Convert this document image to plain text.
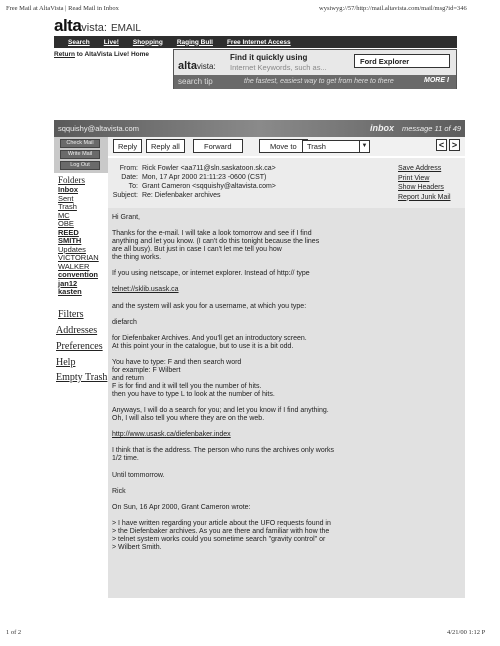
Free Mail at AltaVista | Read Mail in Inbox	wysiwyg://57/http://mail.altavista.com/mail/msg?id=346
alta vista: EMAIL
Search Live! Shopping Raging Bull Free Internet Access
Return to AltaVista Live! Home
alta vista:
Find it quickly using
Internet Keywords, such as...
Ford Explorer
search tip	the fastest, easiest way to get from here to there	MORE I
sqquishy@altavista.com	inbox message 11 of 49
Check Mail
Write Mail
Log Out
Reply	Reply all	Forward	Move to	Trash	▼	< >
Folders
Inbox
Sent
Trash
MC
OBE
REED
SMITH
Updates
VICTORIAN
WALKER
convention
jan12
kasten
Filters
Addresses
Preferences
Help
Empty Trash
From: Rick Fowler <aa711@sln.saskatoon.sk.ca>
Date: Mon, 17 Apr 2000 21:11:23 -0600 (CST)
To: Grant Cameron <sqquishy@altavista.com>
Subject: Re: Diefenbaker archives
Save Address
Print View
Show Headers
Report Junk Mail

Hi Grant,

Thanks for the e-mail. I will take a look tomorrow and see if I find

anything and let you know. (I can't do this tonight because the lines

are all busy). But just in case I can't let me tell you how

the thing works.

If you using netscape, or internet explorer. Instead of http:// type

telnet://sklib.usask.ca

and the system will ask you for a username, at which you type:

diefarch

for Diefenbaker Archives. And you'll get an introductory screen.

At this point your in the catalogue, but to use it is a bit odd.

You have to type: F and then search word

for example: F Wilbert

and return

F is for find and it will tell you the number of hits.

then you have to type L to look at the number of hits.

Anyways, I will do a search for you; and let you know if I find anything.

Oh, I will also tell you where they are on the web.

http://www.usask.ca/diefenbaker.index

I think that is the address. The person who runs the archives only works

1/2 time.

Until tommorrow.

Rick

On Sun, 16 Apr 2000, Grant Cameron wrote:

> I have written regarding your article about the UFO requests found in

> the Diefenbaker archives. As you are there and familiar with how the

> telnet system works could you sometime search "gravity control" or

> Wilbert Smith.

1 of 2	4/21/00 1:12 P
